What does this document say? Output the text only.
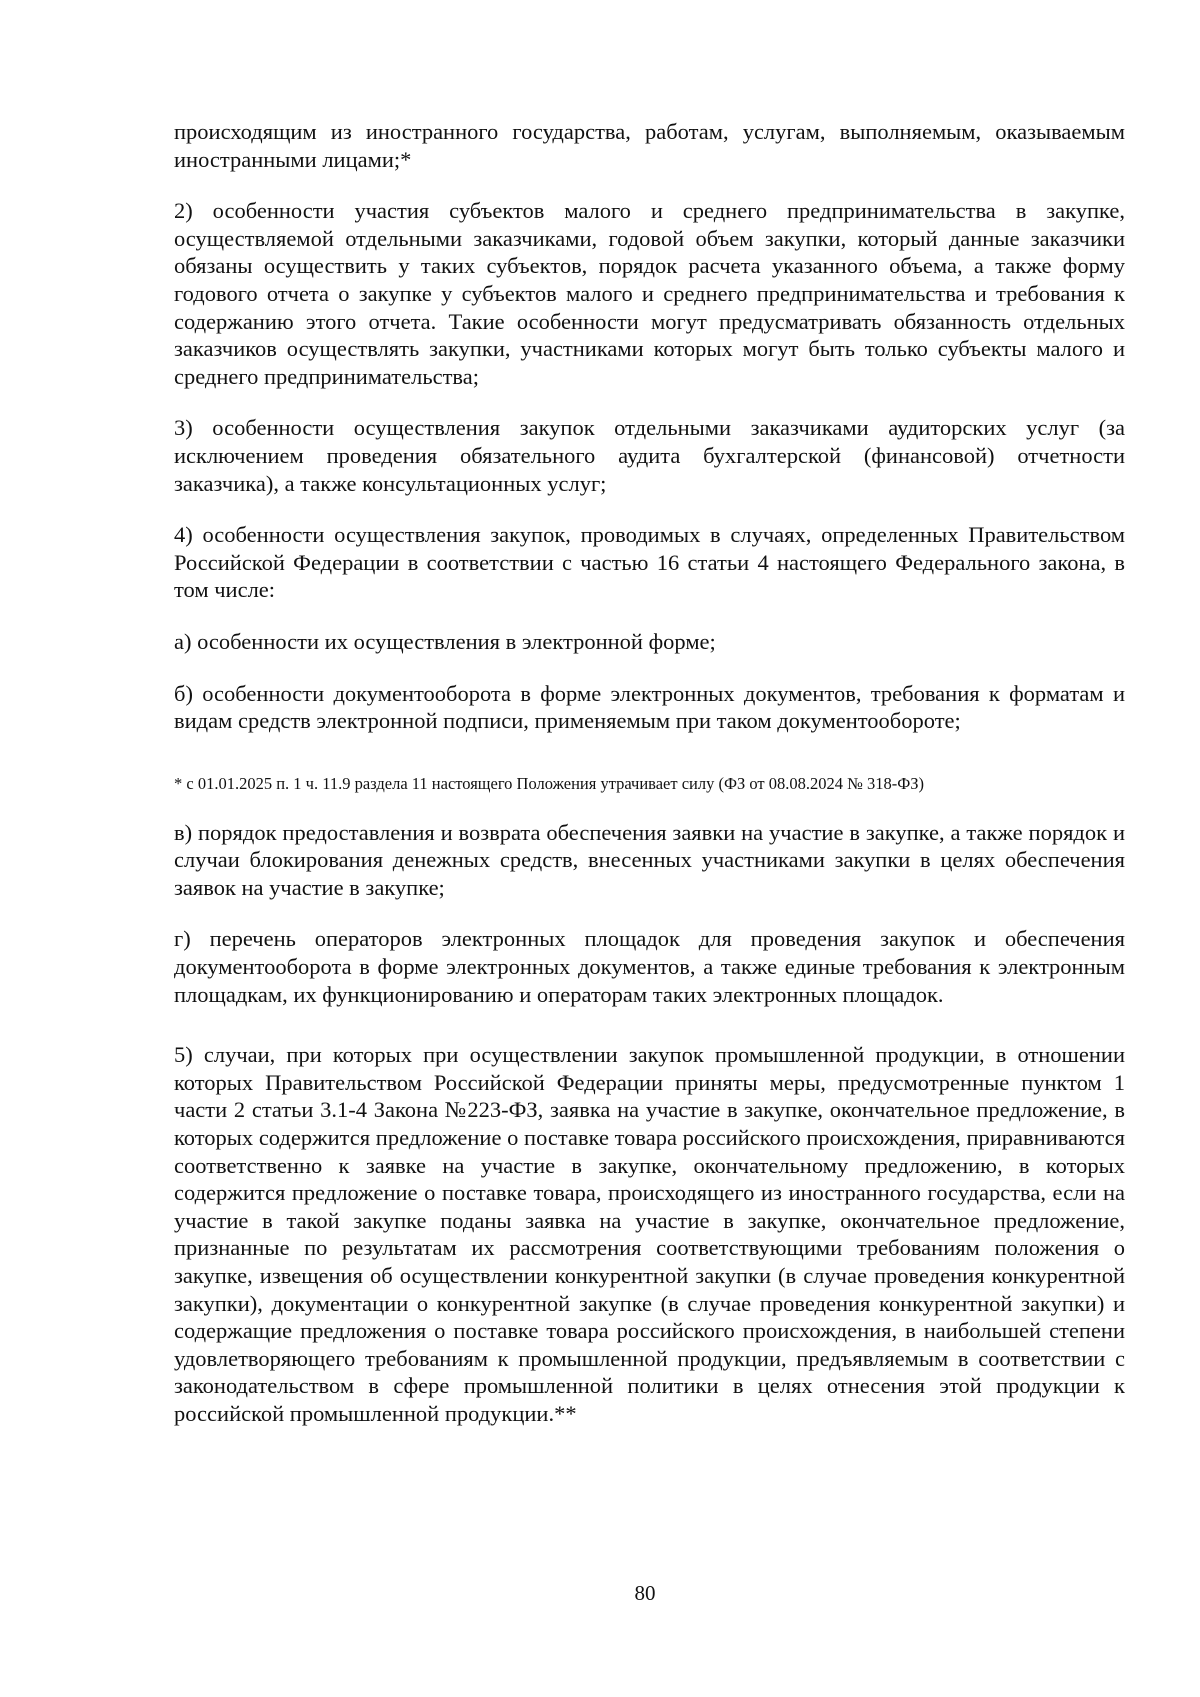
происходящим из иностранного государства, работам, услугам, выполняемым, оказываемым иностранными лицами;*

2) особенности участия субъектов малого и среднего предпринимательства в закупке, осуществляемой отдельными заказчиками, годовой объем закупки, который данные заказчики обязаны осуществить у таких субъектов, порядок расчета указанного объема, а также форму годового отчета о закупке у субъектов малого и среднего предпринимательства и требования к содержанию этого отчета. Такие особенности могут предусматривать обязанность отдельных заказчиков осуществлять закупки, участниками которых могут быть только субъекты малого и среднего предпринимательства;

3) особенности осуществления закупок отдельными заказчиками аудиторских услуг (за исключением проведения обязательного аудита бухгалтерской (финансовой) отчетности заказчика), а также консультационных услуг;

4) особенности осуществления закупок, проводимых в случаях, определенных Правительством Российской Федерации в соответствии с частью 16 статьи 4 настоящего Федерального закона, в том числе:

а) особенности их осуществления в электронной форме;

б) особенности документооборота в форме электронных документов, требования к форматам и видам средств электронной подписи, применяемым при таком документообороте;

* с 01.01.2025 п. 1 ч. 11.9 раздела 11 настоящего Положения утрачивает силу (ФЗ от 08.08.2024 № 318-ФЗ)

в) порядок предоставления и возврата обеспечения заявки на участие в закупке, а также порядок и случаи блокирования денежных средств, внесенных участниками закупки в целях обеспечения заявок на участие в закупке;

г) перечень операторов электронных площадок для проведения закупок и обеспечения документооборота в форме электронных документов, а также единые требования к электронным площадкам, их функционированию и операторам таких электронных площадок.

5) случаи, при которых при осуществлении закупок промышленной продукции, в отношении которых Правительством Российской Федерации приняты меры, предусмотренные пунктом 1 части 2 статьи 3.1-4 Закона №223-ФЗ, заявка на участие в закупке, окончательное предложение, в которых содержится предложение о поставке товара российского происхождения, приравниваются соответственно к заявке на участие в закупке, окончательному предложению, в которых содержится предложение о поставке товара, происходящего из иностранного государства, если на участие в такой закупке поданы заявка на участие в закупке, окончательное предложение, признанные по результатам их рассмотрения соответствующими требованиям положения о закупке, извещения об осуществлении конкурентной закупки (в случае проведения конкурентной закупки), документации о конкурентной закупке (в случае проведения конкурентной закупки) и содержащие предложения о поставке товара российского происхождения, в наибольшей степени удовлетворяющего требованиям к промышленной продукции, предъявляемым в соответствии с законодательством в сфере промышленной политики в целях отнесения этой продукции к российской промышленной продукции.**

80
